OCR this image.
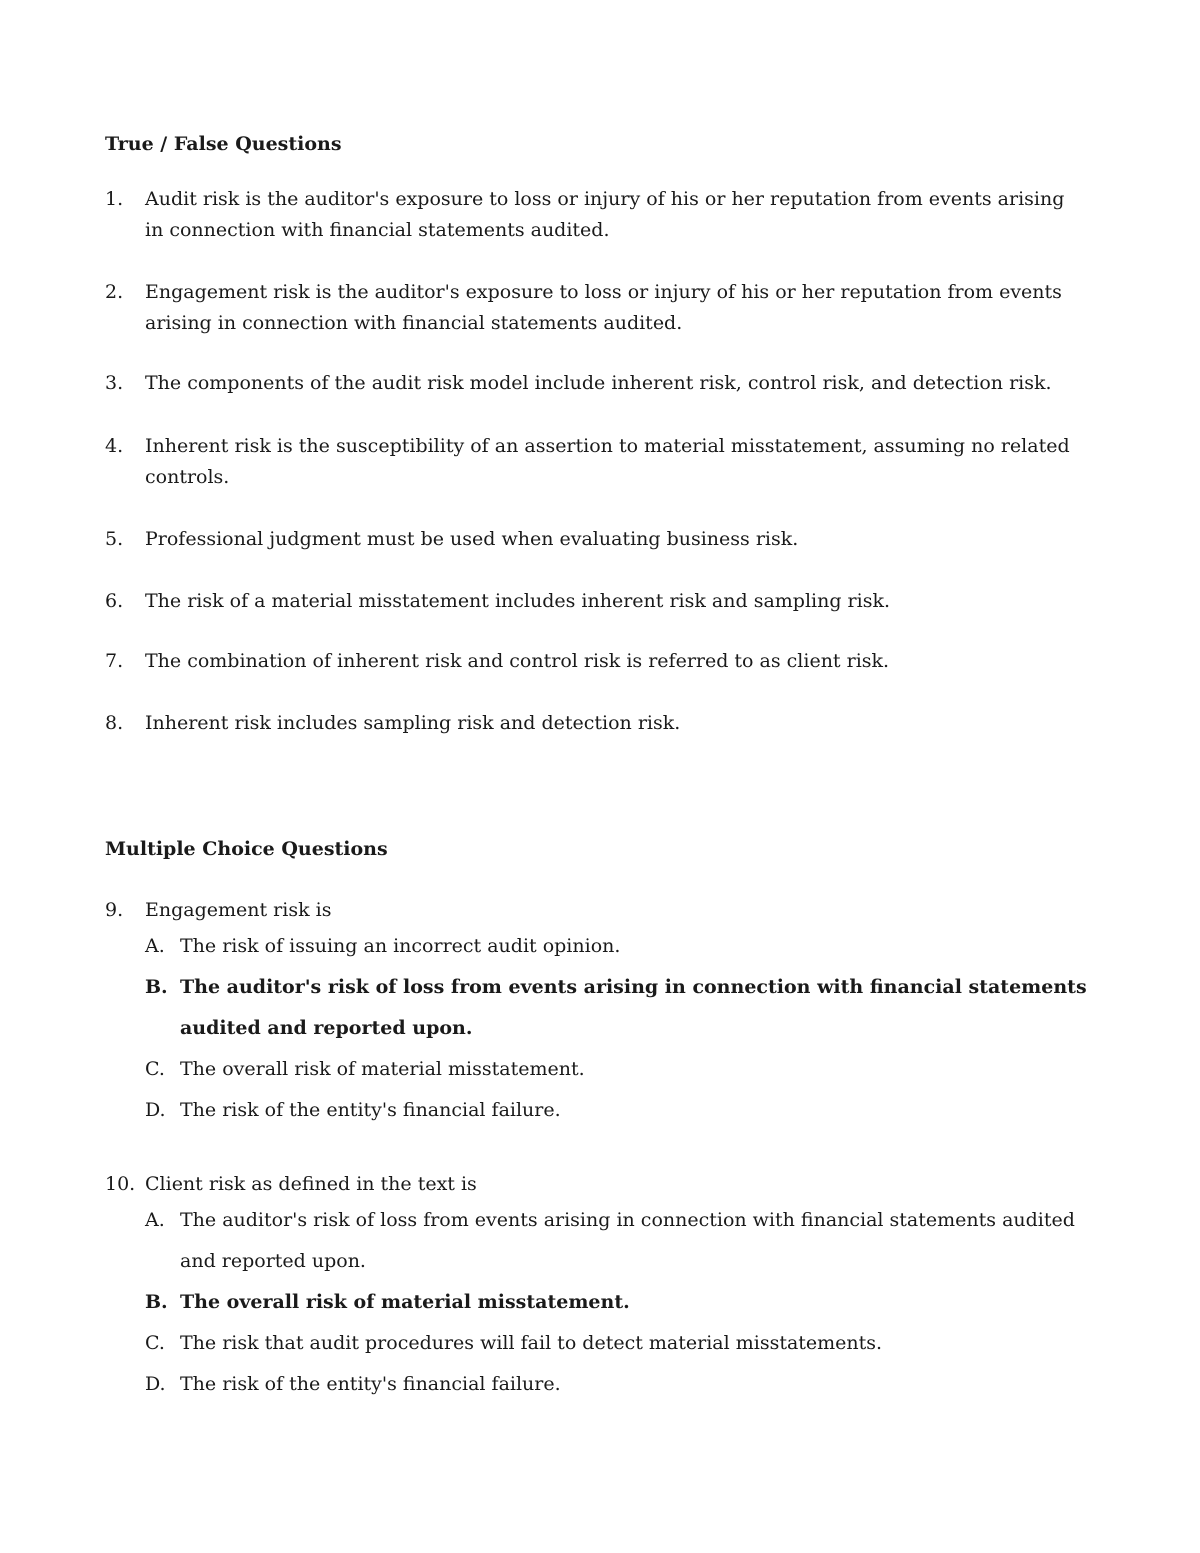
True / False Questions
1.	Audit risk is the auditor's exposure to loss or injury of his or her reputation from events arising in connection with financial statements audited.
2.	Engagement risk is the auditor's exposure to loss or injury of his or her reputation from events arising in connection with financial statements audited.
3.	The components of the audit risk model include inherent risk, control risk, and detection risk.
4.	Inherent risk is the susceptibility of an assertion to material misstatement, assuming no related controls.
5.	Professional judgment must be used when evaluating business risk.
6.	The risk of a material misstatement includes inherent risk and sampling risk.
7.	The combination of inherent risk and control risk is referred to as client risk.
8.	Inherent risk includes sampling risk and detection risk.
Multiple Choice Questions
9.	Engagement risk is
A. The risk of issuing an incorrect audit opinion.
B. The auditor's risk of loss from events arising in connection with financial statements audited and reported upon.
C. The overall risk of material misstatement.
D. The risk of the entity's financial failure.
10. Client risk as defined in the text is
A. The auditor's risk of loss from events arising in connection with financial statements audited and reported upon.
B. The overall risk of material misstatement.
C. The risk that audit procedures will fail to detect material misstatements.
D. The risk of the entity's financial failure.
